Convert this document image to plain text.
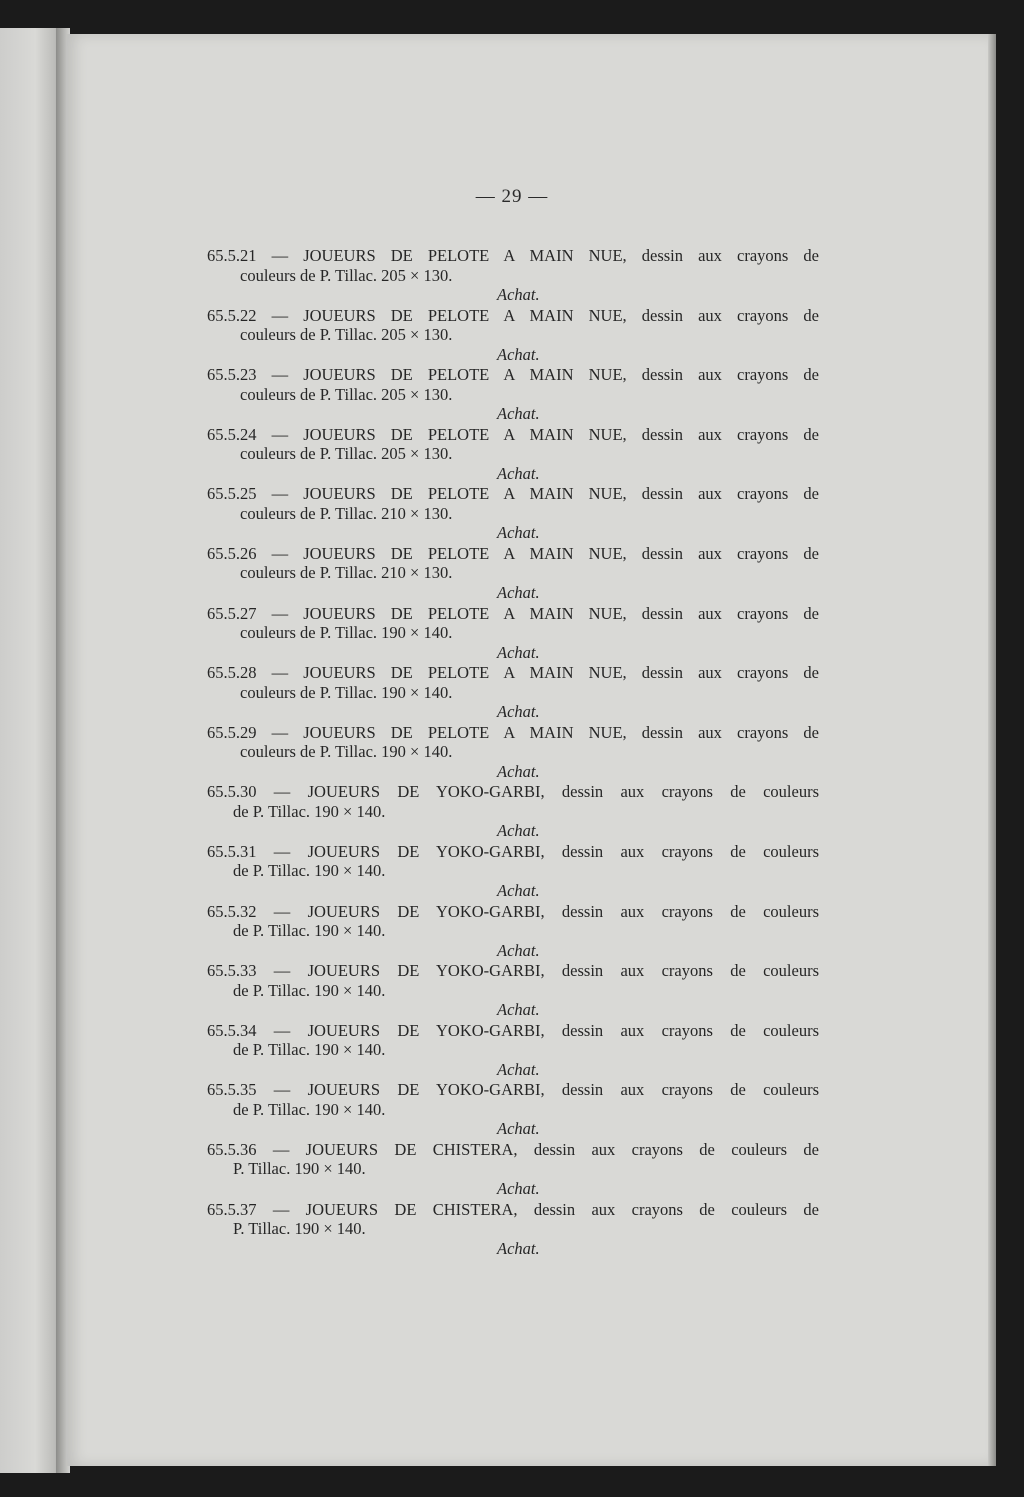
— 29 —
65.5.21 — JOUEURS DE PELOTE A MAIN NUE, dessin aux crayons de
couleurs de P. Tillac. 205 × 130.
Achat.
65.5.22 — JOUEURS DE PELOTE A MAIN NUE, dessin aux crayons de
couleurs de P. Tillac. 205 × 130.
Achat.
65.5.23 — JOUEURS DE PELOTE A MAIN NUE, dessin aux crayons de
couleurs de P. Tillac. 205 × 130.
Achat.
65.5.24 — JOUEURS DE PELOTE A MAIN NUE, dessin aux crayons de
couleurs de P. Tillac. 205 × 130.
Achat.
65.5.25 — JOUEURS DE PELOTE A MAIN NUE, dessin aux crayons de
couleurs de P. Tillac. 210 × 130.
Achat.
65.5.26 — JOUEURS DE PELOTE A MAIN NUE, dessin aux crayons de
couleurs de P. Tillac. 210 × 130.
Achat.
65.5.27 — JOUEURS DE PELOTE A MAIN NUE, dessin aux crayons de
couleurs de P. Tillac. 190 × 140.
Achat.
65.5.28 — JOUEURS DE PELOTE A MAIN NUE, dessin aux crayons de
couleurs de P. Tillac. 190 × 140.
Achat.
65.5.29 — JOUEURS DE PELOTE A MAIN NUE, dessin aux crayons de
couleurs de P. Tillac. 190 × 140.
Achat.
65.5.30 — JOUEURS DE YOKO-GARBI, dessin aux crayons de couleurs
de P. Tillac. 190 × 140.
Achat.
65.5.31 — JOUEURS DE YOKO-GARBI, dessin aux crayons de couleurs
de P. Tillac. 190 × 140.
Achat.
65.5.32 — JOUEURS DE YOKO-GARBI, dessin aux crayons de couleurs
de P. Tillac. 190 × 140.
Achat.
65.5.33 — JOUEURS DE YOKO-GARBI, dessin aux crayons de couleurs
de P. Tillac. 190 × 140.
Achat.
65.5.34 — JOUEURS DE YOKO-GARBI, dessin aux crayons de couleurs
de P. Tillac. 190 × 140.
Achat.
65.5.35 — JOUEURS DE YOKO-GARBI, dessin aux crayons de couleurs
de P. Tillac. 190 × 140.
Achat.
65.5.36 — JOUEURS DE CHISTERA, dessin aux crayons de couleurs de
P. Tillac. 190 × 140.
Achat.
65.5.37 — JOUEURS DE CHISTERA, dessin aux crayons de couleurs de
P. Tillac. 190 × 140.
Achat.
